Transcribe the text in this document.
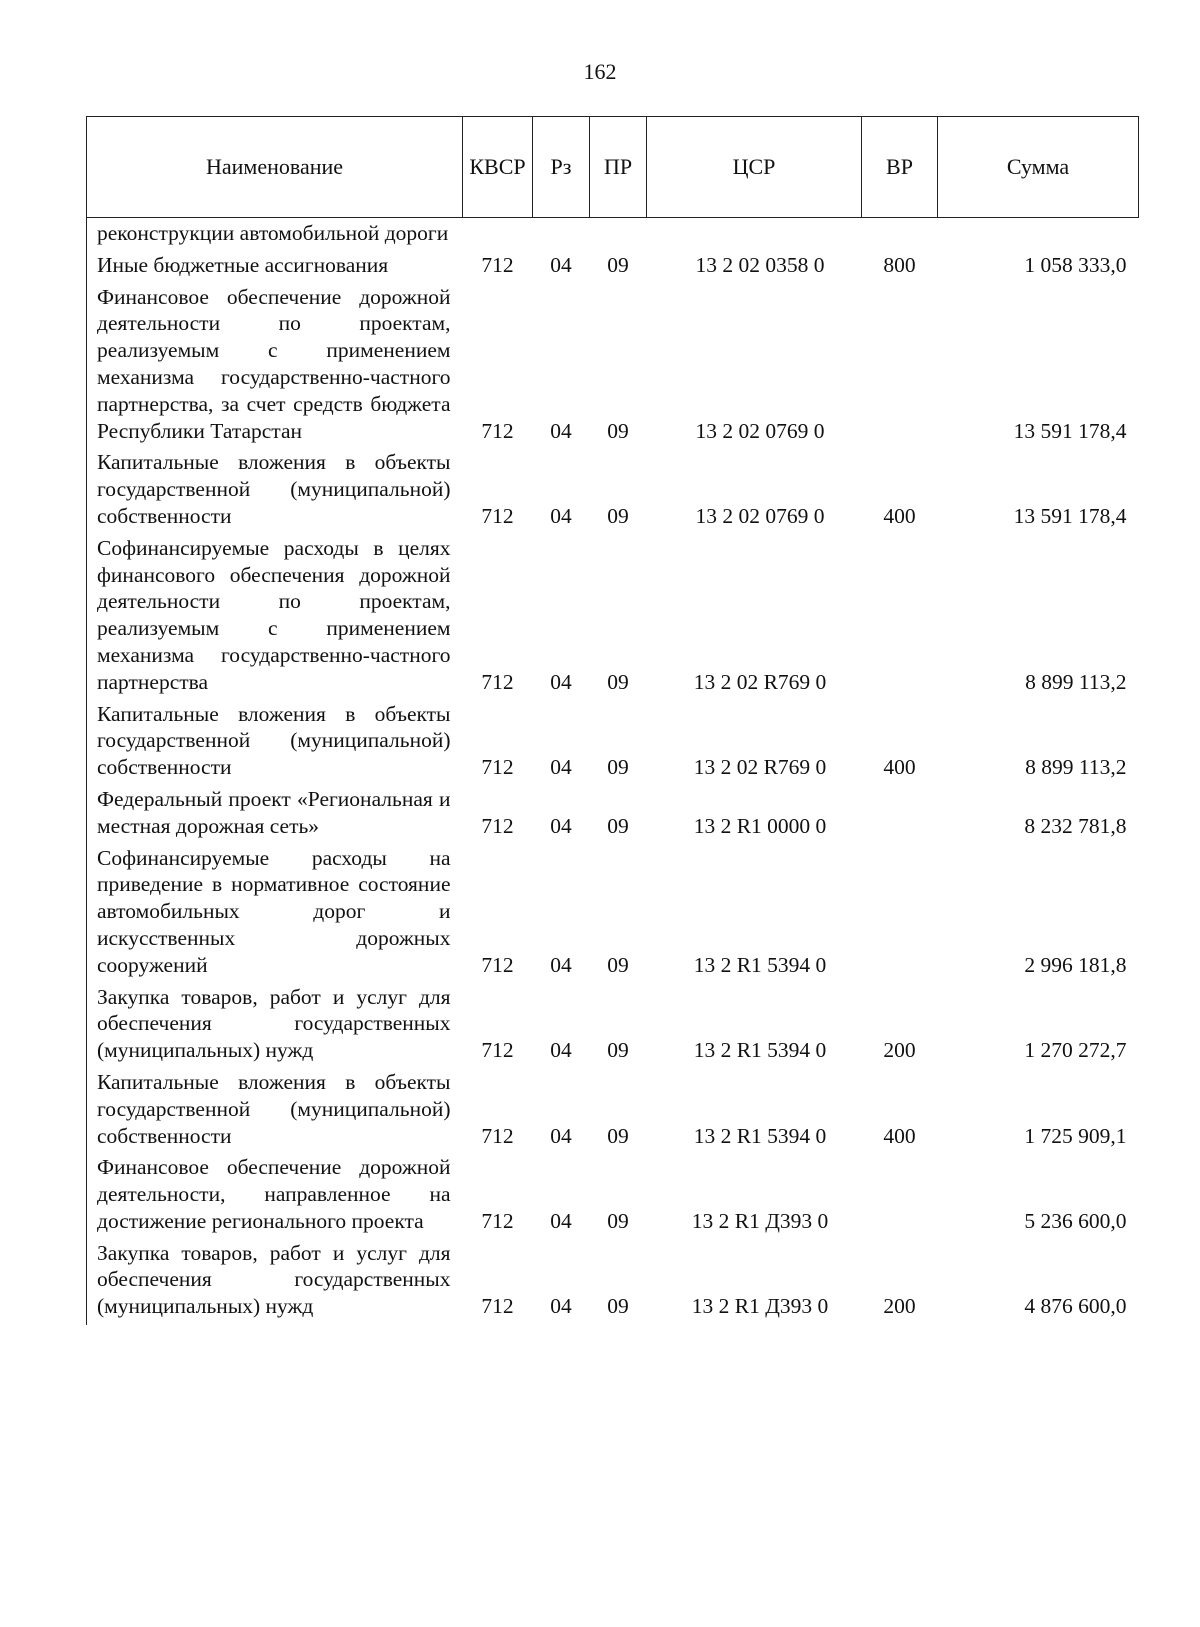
162
Наименование	КВСР	Рз	ПР	ЦСР	ВР	Сумма
реконструкции автомобильной дороги						
Иные бюджетные ассигнования	712	04	09	13 2 02 0358 0	800	1 058 333,0
Финансовое обеспечение дорожной деятельности по проектам, реализуемым с применением механизма государственно-частного партнерства, за счет средств бюджета Республики Татарстан	712	04	09	13 2 02 0769 0		13 591 178,4
Капитальные вложения в объекты государственной (муниципальной) собственности	712	04	09	13 2 02 0769 0	400	13 591 178,4
Софинансируемые расходы в целях финансового обеспечения дорожной деятельности по проектам, реализуемым с применением механизма государственно-частного партнерства	712	04	09	13 2 02 R769 0		8 899 113,2
Капитальные вложения в объекты государственной (муниципальной) собственности	712	04	09	13 2 02 R769 0	400	8 899 113,2
Федеральный проект «Региональная и местная дорожная сеть»	712	04	09	13 2 R1 0000 0		8 232 781,8
Софинансируемые расходы на приведение в нормативное состояние автомобильных дорог и искусственных дорожных сооружений	712	04	09	13 2 R1 5394 0		2 996 181,8
Закупка товаров, работ и услуг для обеспечения государственных (муниципальных) нужд	712	04	09	13 2 R1 5394 0	200	1 270 272,7
Капитальные вложения в объекты государственной (муниципальной) собственности	712	04	09	13 2 R1 5394 0	400	1 725 909,1
Финансовое обеспечение дорожной деятельности, направленное на достижение регионального проекта	712	04	09	13 2 R1 Д393 0		5 236 600,0
Закупка товаров, работ и услуг для обеспечения государственных (муниципальных) нужд	712	04	09	13 2 R1 Д393 0	200	4 876 600,0
